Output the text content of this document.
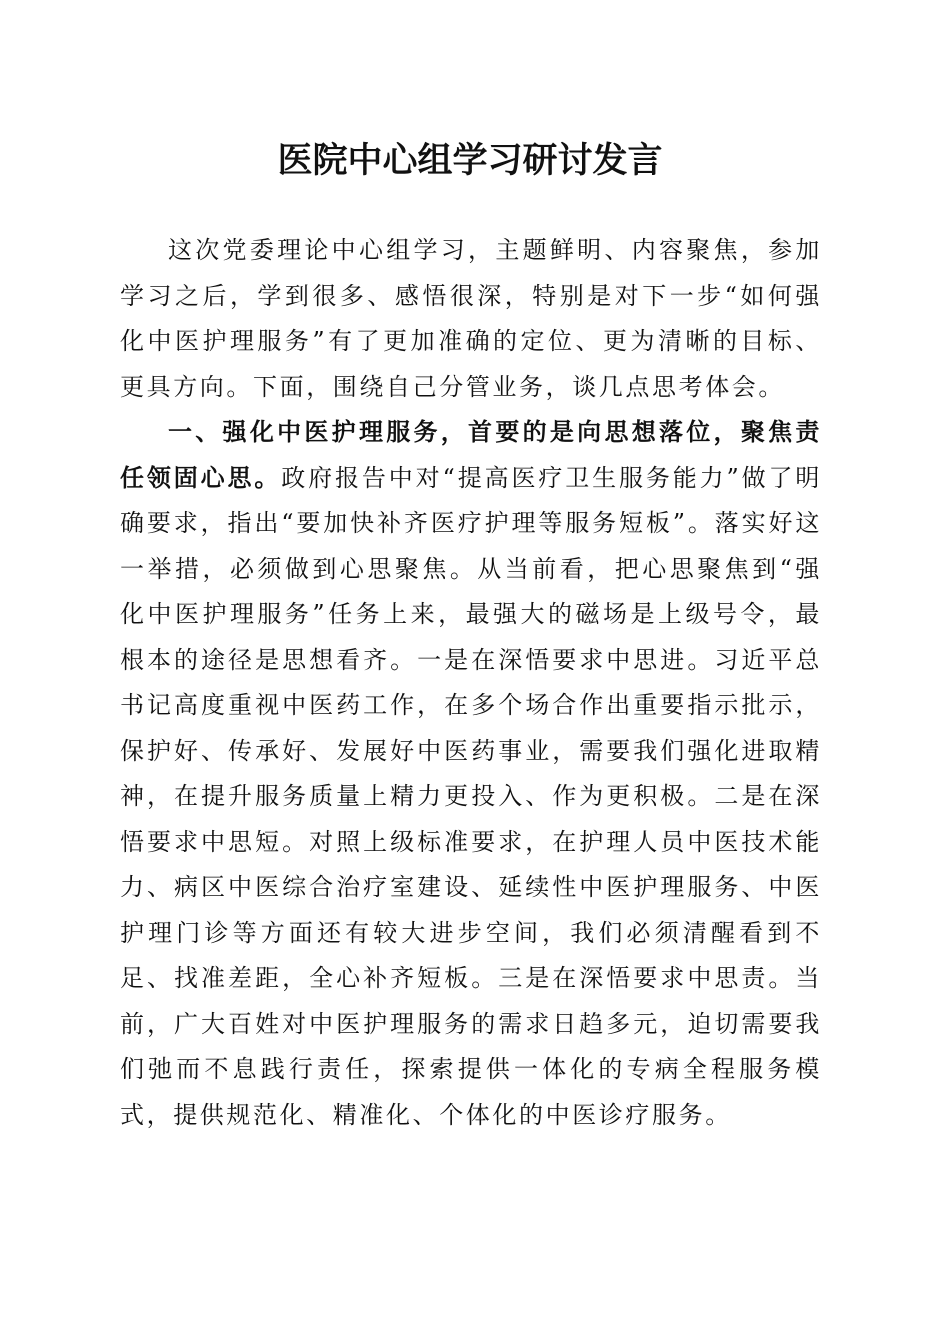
医院中心组学习研讨发言

这次党委理论中心组学习，主题鲜明、内容聚焦，参加学习之后，学到很多、感悟很深，特别是对下一步“如何强化中医护理服务”有了更加准确的定位、更为清晰的目标、更具方向。下面，围绕自己分管业务，谈几点思考体会。

一、强化中医护理服务，首要的是向思想落位，聚焦责任领固心思。政府报告中对“提高医疗卫生服务能力”做了明确要求，指出“要加快补齐医疗护理等服务短板”。落实好这一举措，必须做到心思聚焦。从当前看，把心思聚焦到“强化中医护理服务”任务上来，最强大的磁场是上级号令，最根本的途径是思想看齐。一是在深悟要求中思进。习近平总书记高度重视中医药工作，在多个场合作出重要指示批示，保护好、传承好、发展好中医药事业，需要我们强化进取精神，在提升服务质量上精力更投入、作为更积极。二是在深悟要求中思短。对照上级标准要求，在护理人员中医技术能力、病区中医综合治疗室建设、延续性中医护理服务、中医护理门诊等方面还有较大进步空间，我们必须清醒看到不足、找准差距，全心补齐短板。三是在深悟要求中思责。当前，广大百姓对中医护理服务的需求日趋多元，迫切需要我们弛而不息践行责任，探索提供一体化的专病全程服务模式，提供规范化、精准化、个体化的中医诊疗服务。
